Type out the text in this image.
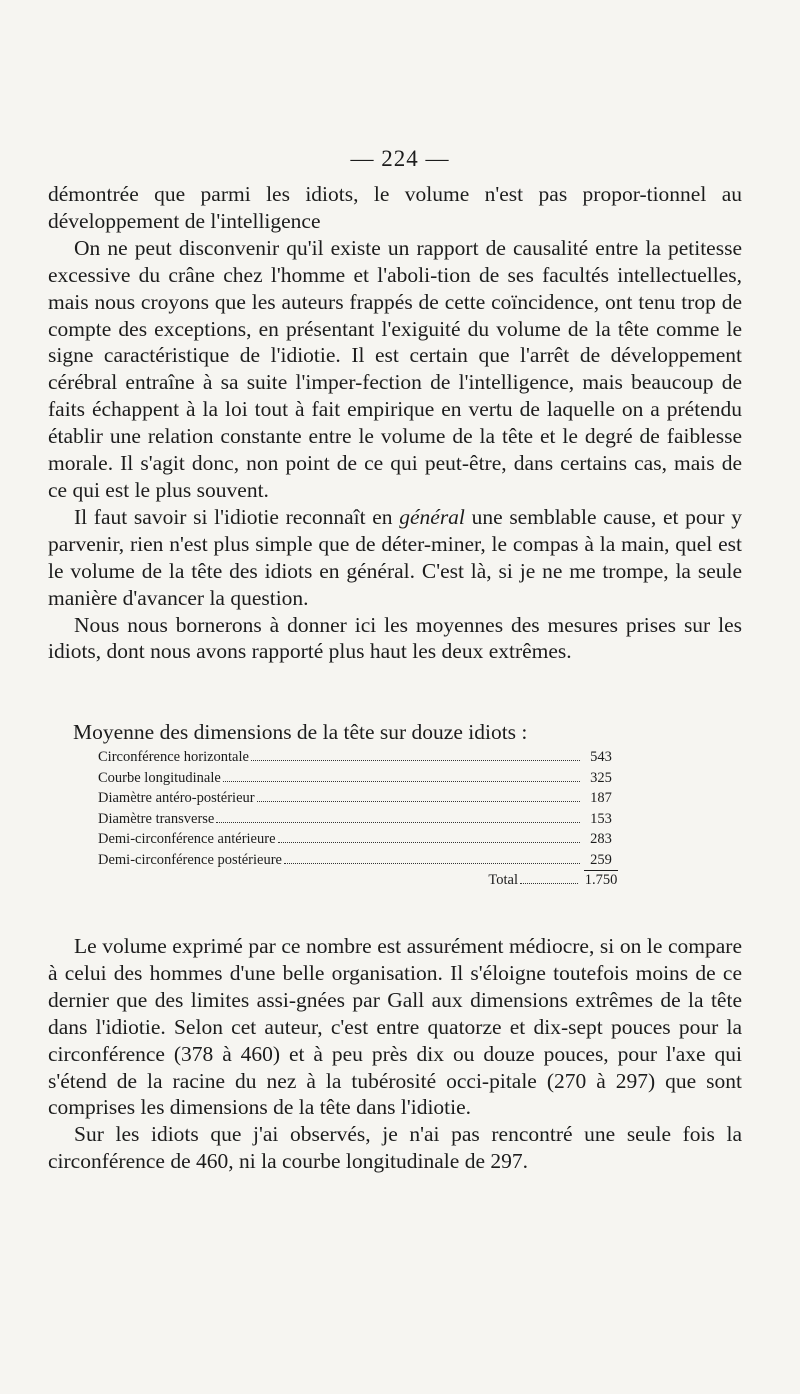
— 224 —

démontrée que parmi les idiots, le volume n'est pas propor-tionnel au développement de l'intelligence

On ne peut disconvenir qu'il existe un rapport de causalité entre la petitesse excessive du crâne chez l'homme et l'aboli-tion de ses facultés intellectuelles, mais nous croyons que les auteurs frappés de cette coïncidence, ont tenu trop de compte des exceptions, en présentant l'exiguité du volume de la tête comme le signe caractéristique de l'idiotie. Il est certain que l'arrêt de développement cérébral entraîne à sa suite l'imper-fection de l'intelligence, mais beaucoup de faits échappent à la loi tout à fait empirique en vertu de laquelle on a prétendu établir une relation constante entre le volume de la tête et le degré de faiblesse morale. Il s'agit donc, non point de ce qui peut-être, dans certains cas, mais de ce qui est le plus souvent.

Il faut savoir si l'idiotie reconnaît en général une semblable cause, et pour y parvenir, rien n'est plus simple que de déter-miner, le compas à la main, quel est le volume de la tête des idiots en général. C'est là, si je ne me trompe, la seule manière d'avancer la question.

Nous nous bornerons à donner ici les moyennes des mesures prises sur les idiots, dont nous avons rapporté plus haut les deux extrêmes.

Moyenne des dimensions de la tête sur douze idiots :
Circonférence horizontale	543
Courbe longitudinale	325
Diamètre antéro-postérieur	187
Diamètre transverse	153
Demi-circonférence antérieure	283
Demi-circonférence postérieure	259
Total	1.750

Le volume exprimé par ce nombre est assurément médiocre, si on le compare à celui des hommes d'une belle organisation. Il s'éloigne toutefois moins de ce dernier que des limites assi-gnées par Gall aux dimensions extrêmes de la tête dans l'idiotie. Selon cet auteur, c'est entre quatorze et dix-sept pouces pour la circonférence (378 à 460) et à peu près dix ou douze pouces, pour l'axe qui s'étend de la racine du nez à la tubérosité occi-pitale (270 à 297) que sont comprises les dimensions de la tête dans l'idiotie.

Sur les idiots que j'ai observés, je n'ai pas rencontré une seule fois la circonférence de 460, ni la courbe longitudinale de 297.
